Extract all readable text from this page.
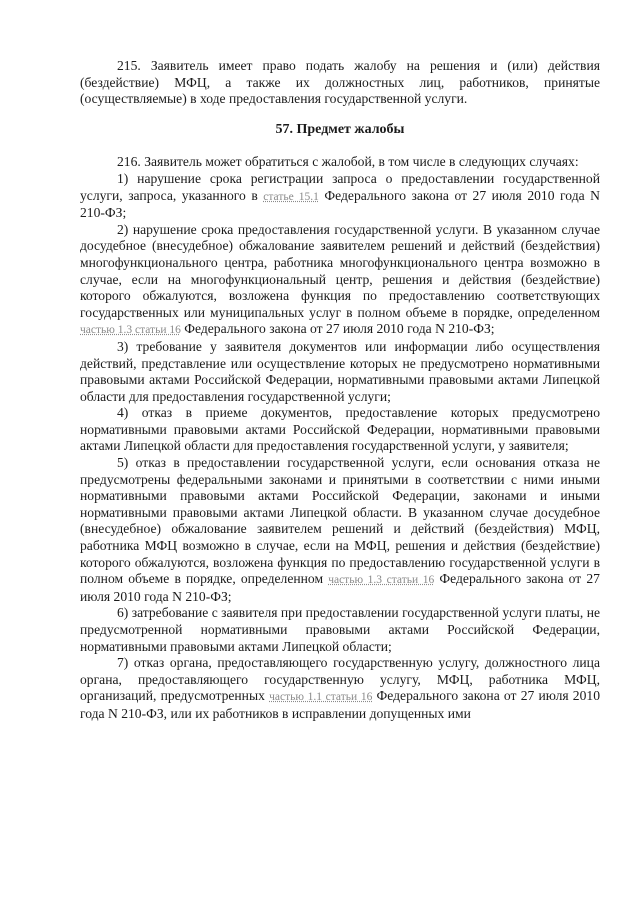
215. Заявитель имеет право подать жалобу на решения и (или) действия (бездействие) МФЦ, а также их должностных лиц, работников, принятые (осуществляемые) в ходе предоставления государственной услуги.

57. Предмет жалобы

216. Заявитель может обратиться с жалобой, в том числе в следующих случаях:

1) нарушение срока регистрации запроса о предоставлении государственной услуги, запроса, указанного в статье 15.1 Федерального закона от 27 июля 2010 года N 210-ФЗ;

2) нарушение срока предоставления государственной услуги. В указанном случае досудебное (внесудебное) обжалование заявителем решений и действий (бездействия) многофункционального центра, работника многофункционального центра возможно в случае, если на многофункциональный центр, решения и действия (бездействие) которого обжалуются, возложена функция по предоставлению соответствующих государственных или муниципальных услуг в полном объеме в порядке, определенном частью 1.3 статьи 16 Федерального закона от 27 июля 2010 года N 210-ФЗ;

3) требование у заявителя документов или информации либо осуществления действий, представление или осуществление которых не предусмотрено нормативными правовыми актами Российской Федерации, нормативными правовыми актами Липецкой области для предоставления государственной услуги;

4) отказ в приеме документов, предоставление которых предусмотрено нормативными правовыми актами Российской Федерации, нормативными правовыми актами Липецкой области для предоставления государственной услуги, у заявителя;

5) отказ в предоставлении государственной услуги, если основания отказа не предусмотрены федеральными законами и принятыми в соответствии с ними иными нормативными правовыми актами Российской Федерации, законами и иными нормативными правовыми актами Липецкой области. В указанном случае досудебное (внесудебное) обжалование заявителем решений и действий (бездействия) МФЦ, работника МФЦ возможно в случае, если на МФЦ, решения и действия (бездействие) которого обжалуются, возложена функция по предоставлению государственной услуги в полном объеме в порядке, определенном частью 1.3 статьи 16 Федерального закона от 27 июля 2010 года N 210-ФЗ;

6) затребование с заявителя при предоставлении государственной услуги платы, не предусмотренной нормативными правовыми актами Российской Федерации, нормативными правовыми актами Липецкой области;

7) отказ органа, предоставляющего государственную услугу, должностного лица органа, предоставляющего государственную услугу, МФЦ, работника МФЦ, организаций, предусмотренных частью 1.1 статьи 16 Федерального закона от 27 июля 2010 года N 210-ФЗ, или их работников в исправлении допущенных ими
